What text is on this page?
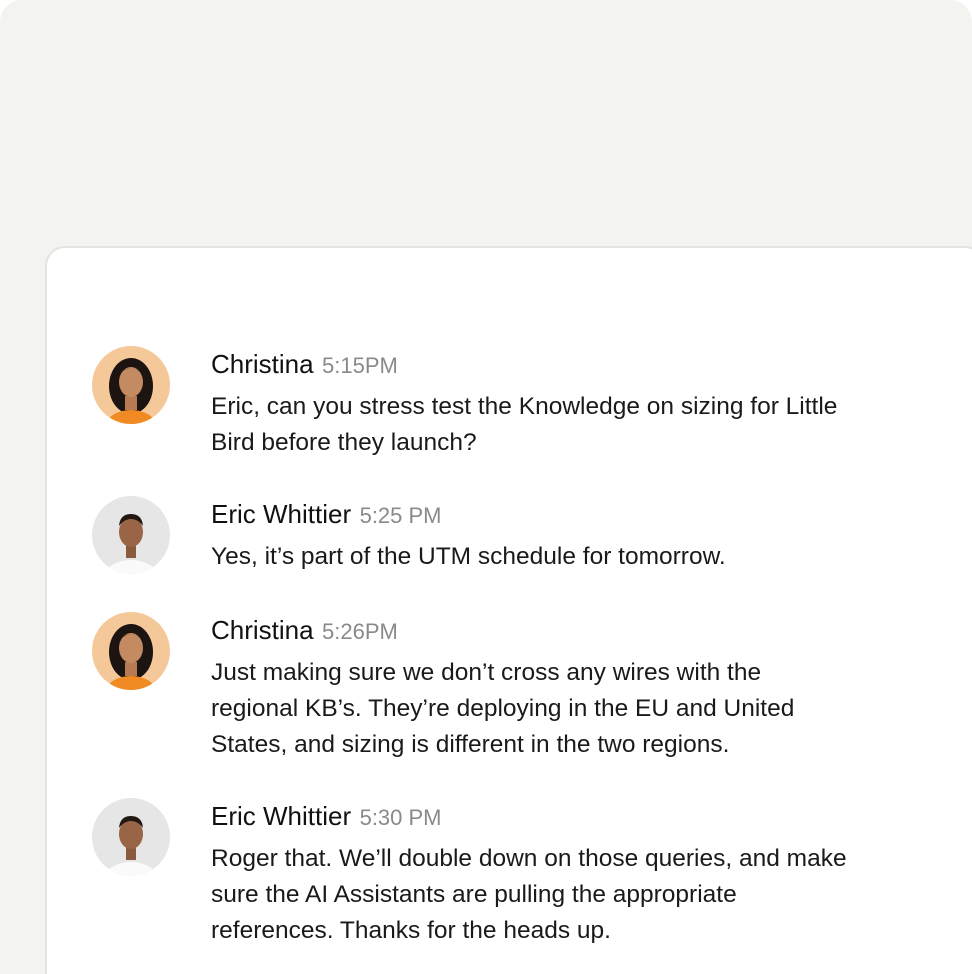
Christina 5:15PM
Eric, can you stress test the Knowledge on sizing for Little
Bird before they launch?
Eric Whittier 5:25 PM
Yes, it’s part of the UTM schedule for tomorrow.
Christina 5:26PM
Just making sure we don’t cross any wires with the
regional KB’s. They’re deploying in the EU and United
States, and sizing is different in the two regions.
Eric Whittier 5:30 PM
Roger that. We’ll double down on those queries, and make
sure the AI Assistants are pulling the appropriate
references. Thanks for the heads up.
